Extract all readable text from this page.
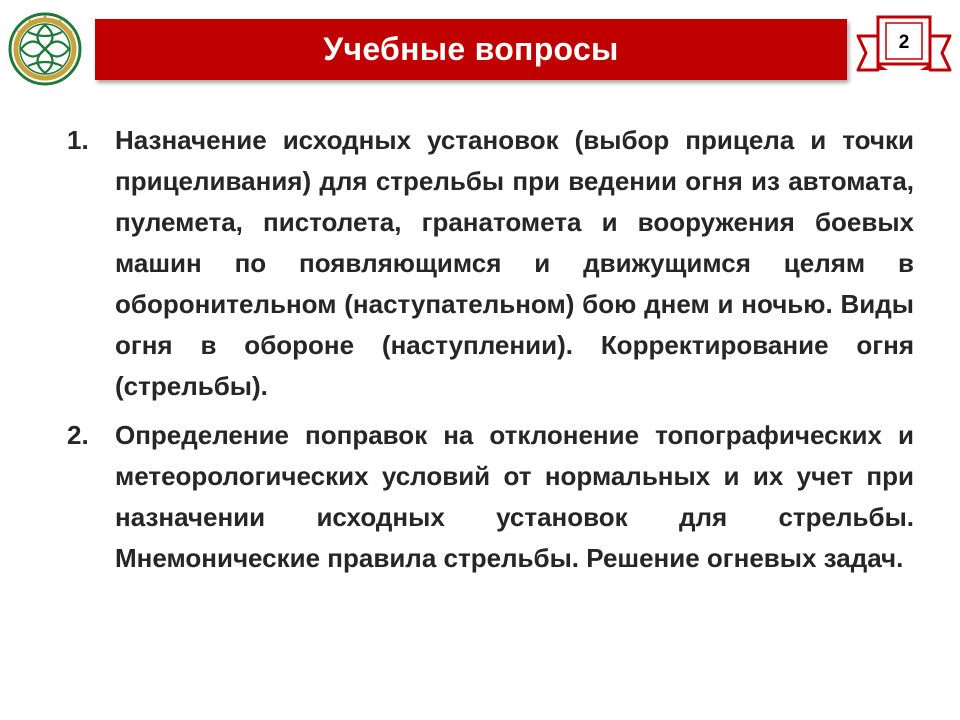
Учебные вопросы	2
1.	Назначение исходных установок (выбор прицела и точки прицеливания) для стрельбы при ведении огня из автомата, пулемета, пистолета, гранатомета и вооружения боевых машин по появляющимся и движущимся целям в оборонительном (наступательном) бою днем и ночью. Виды огня в обороне (наступлении). Корректирование огня (стрельбы).
2.	Определение поправок на отклонение топографических и метеорологических условий от нормальных и их учет при назначении исходных установок для стрельбы. Мнемонические правила стрельбы. Решение огневых задач.
